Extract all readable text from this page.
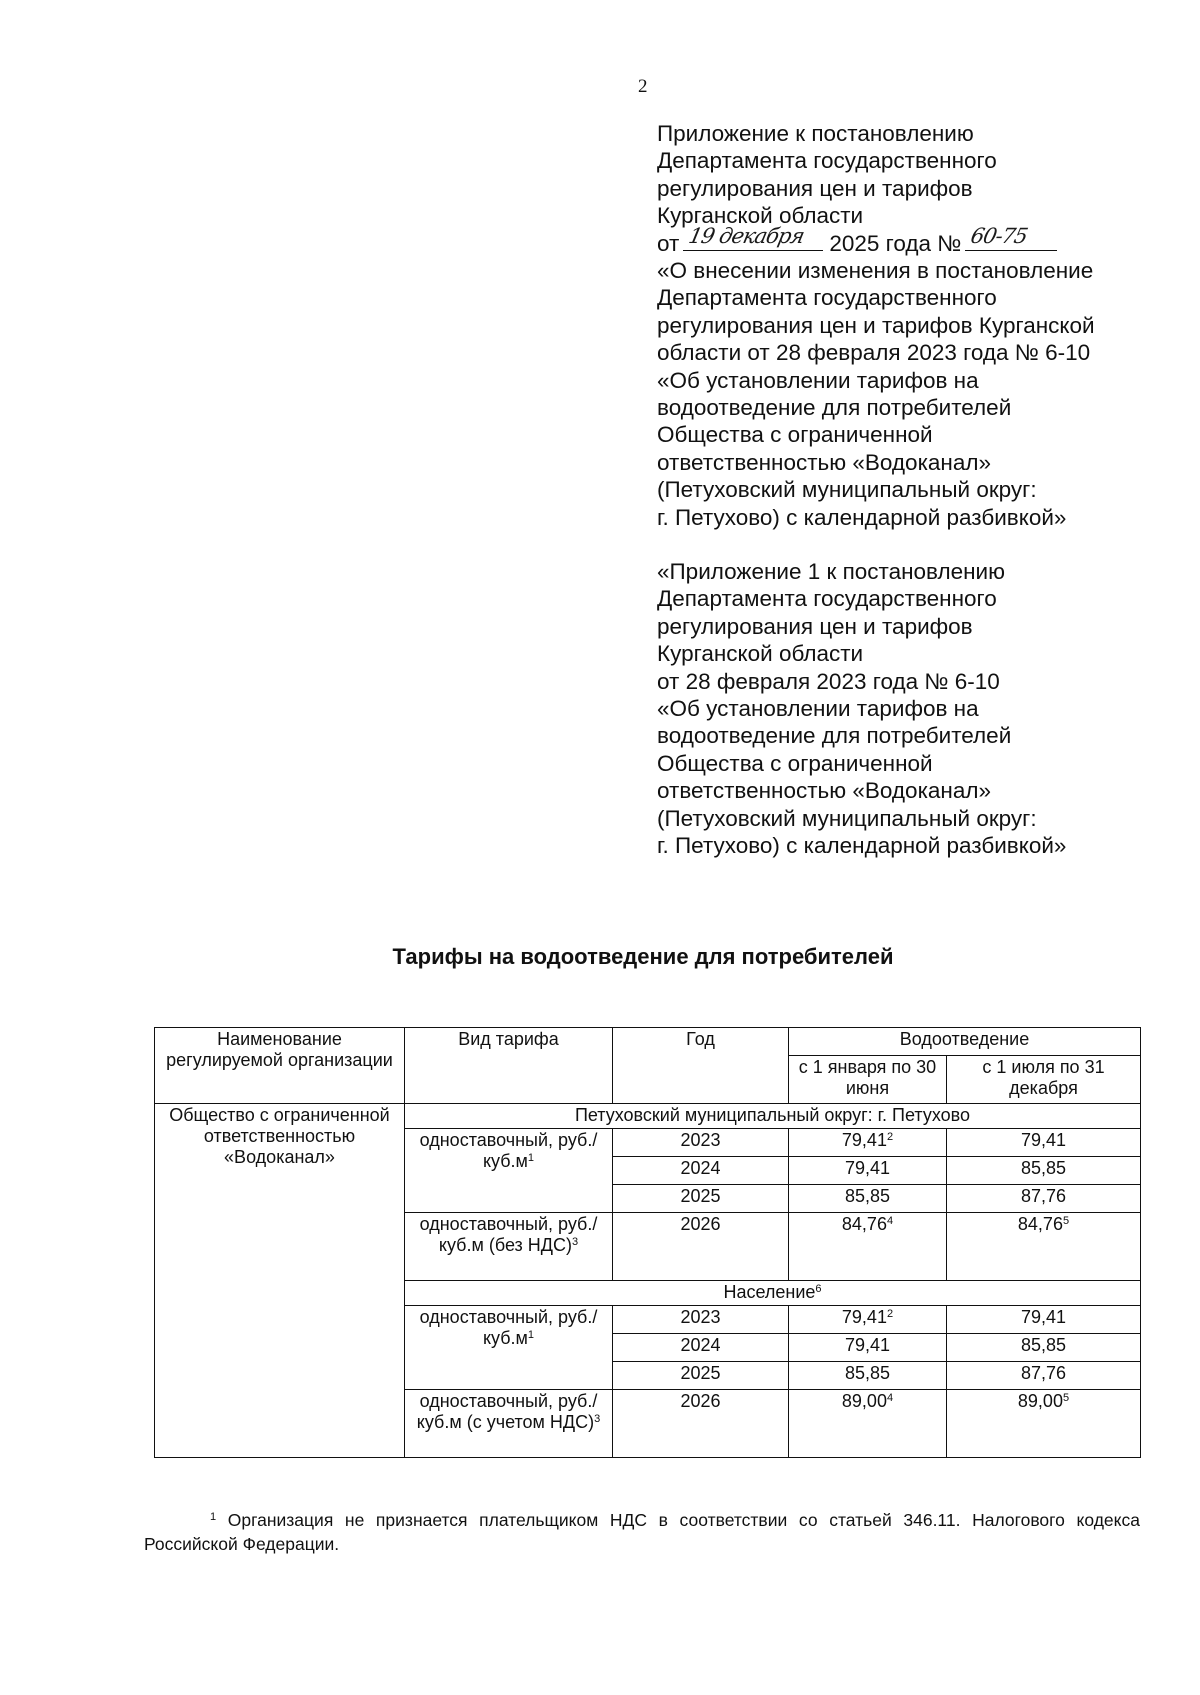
2
Приложение к постановлению
Департамента государственного
регулирования цен и тарифов
Курганской области
от 19 декабря 2025 года № 60-75
«О внесении изменения в постановление
Департамента государственного
регулирования цен и тарифов Курганской
области от 28 февраля 2023 года № 6-10
«Об установлении тарифов на
водоотведение для потребителей
Общества с ограниченной
ответственностью «Водоканал»
(Петуховский муниципальный округ:
г. Петухово) с календарной разбивкой»
«Приложение 1 к постановлению
Департамента государственного
регулирования цен и тарифов
Курганской области
от 28 февраля 2023 года № 6-10
«Об установлении тарифов на
водоотведение для потребителей
Общества с ограниченной
ответственностью «Водоканал»
(Петуховский муниципальный округ:
г. Петухово) с календарной разбивкой»
Тарифы на водоотведение для потребителей
Наименование регулируемой организации	Вид тарифа	Год	Водоотведение	
			с 1 января по 30 июня	с 1 июля по 31 декабря
Общество с ограниченной ответственностью «Водоканал»	Петуховский муниципальный округ: г. Петухово			
	одноставочный, $руб./куб.м^1$	2023	79,41$^2$	79,41
		2024	79,41	85,85
		2025	85,85	87,76
	одноставочный, руб./куб.м (без НДС)$^3$	2026	84,76$^4$	84,76$^5$
	Население$^6$
	одноставочный, $руб./куб.м^1$	2023	79,41$^2$	79,41
		2024	79,41	85,85
		2025	85,85	87,76
	одноставочный, руб./куб.м (с учетом НДС)$^3$	2026	89,00$^4$	89,00$^5$
$^1$ Организация не признается плательщиком НДС в соответствии со статьей 346.11. Налогового кодекса Российской Федерации.
